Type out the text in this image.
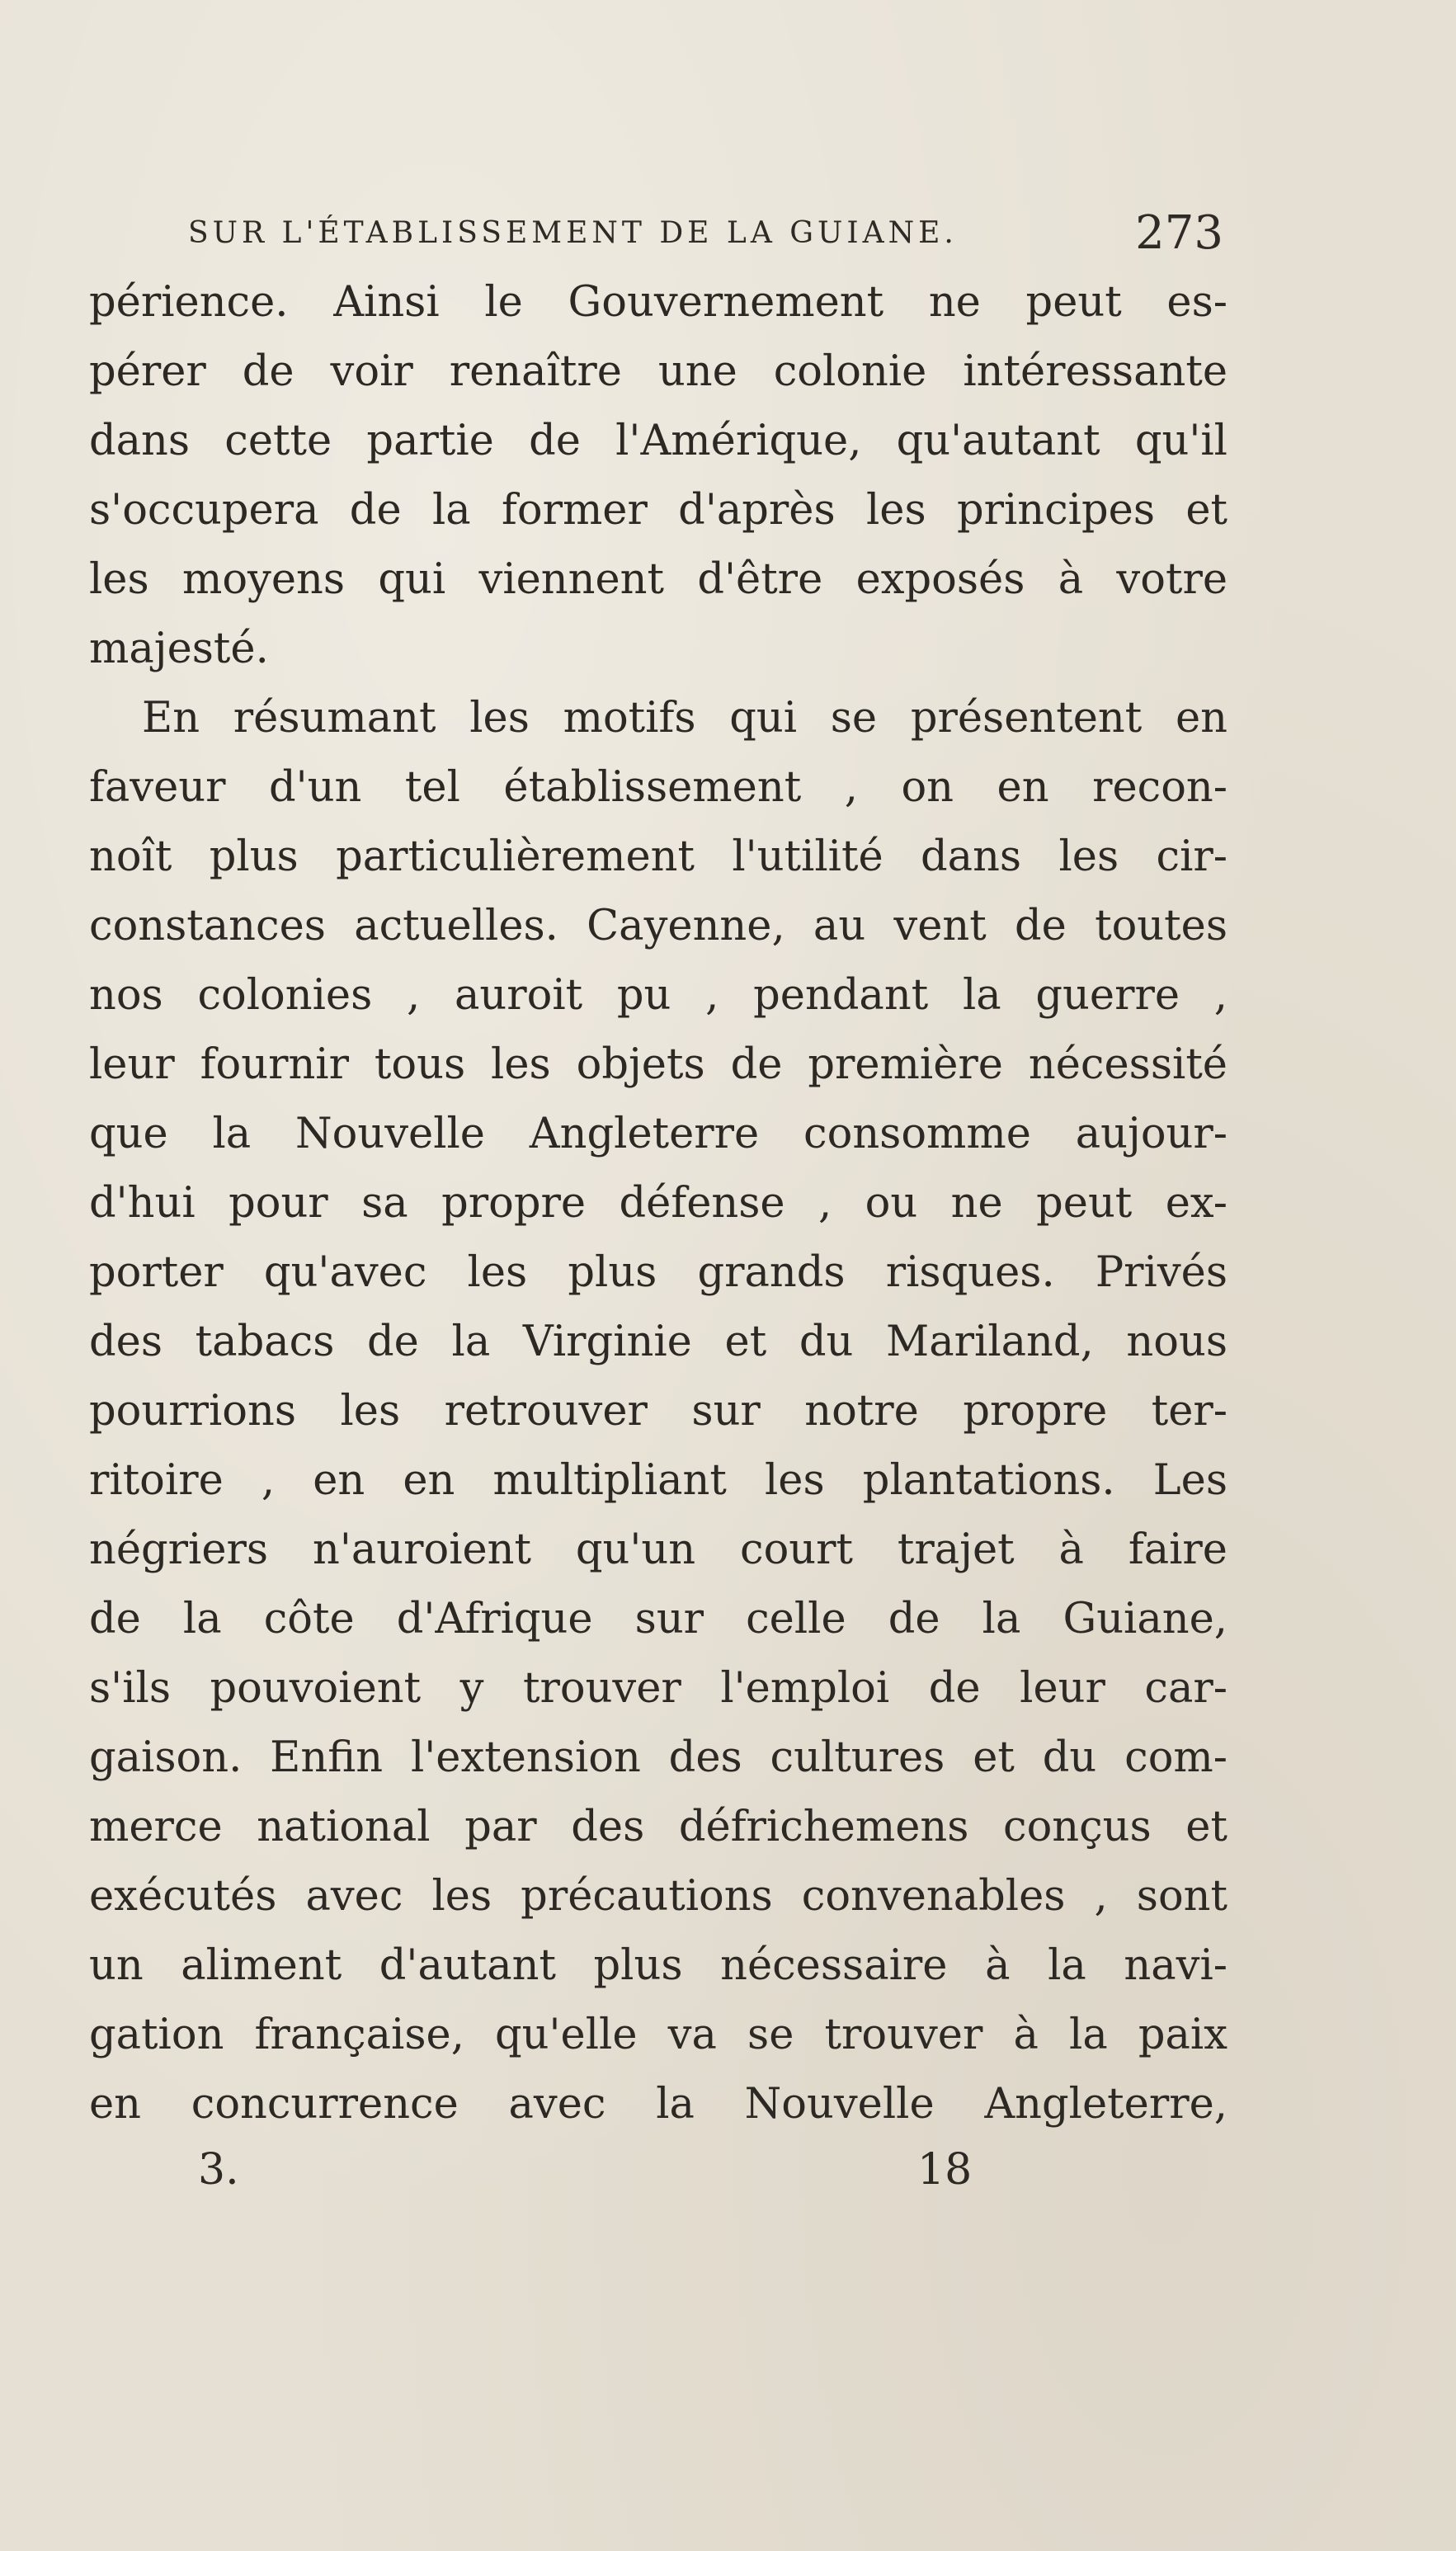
SUR L'ÉTABLISSEMENT DE LA GUIANE.	273
périence. Ainsi le Gouvernement ne peut es-
pérer de voir renaître une colonie intéressante
dans cette partie de l'Amérique, qu'autant qu'il
s'occupera de la former d'après les principes et
les moyens qui viennent d'être exposés à votre
majesté.
En résumant les motifs qui se présentent en
faveur d'un tel établissement , on en recon-
noît plus particulièrement l'utilité dans les cir-
constances actuelles. Cayenne, au vent de toutes
nos colonies , auroit pu , pendant la guerre ,
leur fournir tous les objets de première nécessité
que la Nouvelle Angleterre consomme aujour-
d'hui pour sa propre défense , ou ne peut ex-
porter qu'avec les plus grands risques. Privés
des tabacs de la Virginie et du Mariland, nous
pourrions les retrouver sur notre propre ter-
ritoire , en en multipliant les plantations. Les
négriers n'auroient qu'un court trajet à faire
de la côte d'Afrique sur celle de la Guiane,
s'ils pouvoient y trouver l'emploi de leur car-
gaison. Enfin l'extension des cultures et du com-
merce national par des défrichemens conçus et
exécutés avec les précautions convenables , sont
un aliment d'autant plus nécessaire à la navi-
gation française, qu'elle va se trouver à la paix
en concurrence avec la Nouvelle Angleterre,
3.	18
